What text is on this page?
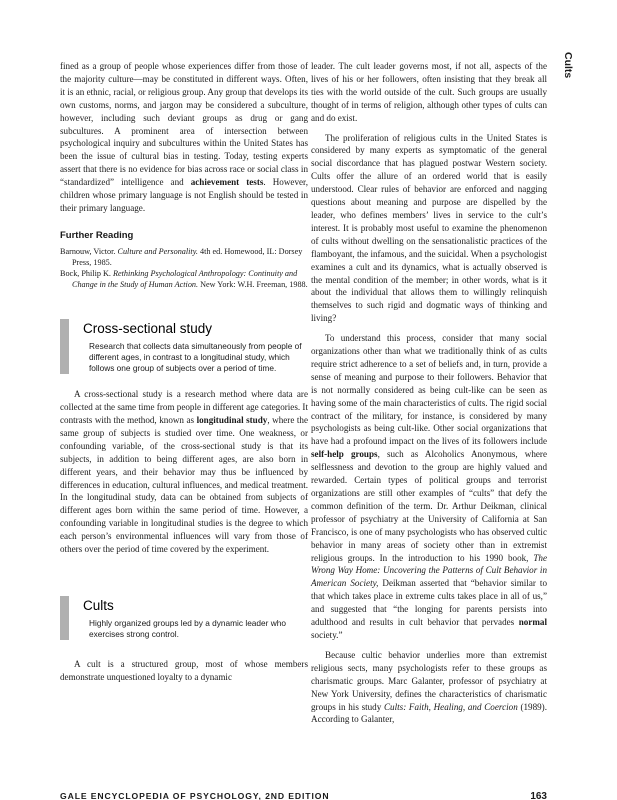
Cults

fined as a group of people whose experiences differ from those of the majority culture—may be constituted in different ways. Often, it is an ethnic, racial, or religious group. Any group that develops its own customs, norms, and jargon may be considered a subculture, however, including such deviant groups as drug or gang subcultures. A prominent area of intersection between psychological inquiry and subcultures within the United States has been the issue of cultural bias in testing. Today, testing experts assert that there is no evidence for bias across race or social class in “standardized” intelligence and achievement tests. However, children whose primary language is not English should be tested in their primary language.

Further Reading

Barnouw, Victor. Culture and Personality. 4th ed. Homewood, IL: Dorsey Press, 1985.

Bock, Philip K. Rethinking Psychological Anthropology: Continuity and Change in the Study of Human Action. New York: W.H. Freeman, 1988.

Cross-sectional study

Research that collects data simultaneously from people of different ages, in contrast to a longitudinal study, which follows one group of subjects over a period of time.

A cross-sectional study is a research method where data are collected at the same time from people in different age categories. It contrasts with the method, known as longitudinal study, where the same group of subjects is studied over time. One weakness, or confounding variable, of the cross-sectional study is that its subjects, in addition to being different ages, are also born in different years, and their behavior may thus be influenced by differences in education, cultural influences, and medical treatment. In the longitudinal study, data can be obtained from subjects of different ages born within the same period of time. However, a confounding variable in longitudinal studies is the degree to which each person’s environmental influences will vary from those of others over the period of time covered by the experiment.

Cults

Highly organized groups led by a dynamic leader who exercises strong control.

A cult is a structured group, most of whose members demonstrate unquestioned loyalty to a dynamic

leader. The cult leader governs most, if not all, aspects of the lives of his or her followers, often insisting that they break all ties with the world outside of the cult. Such groups are usually thought of in terms of religion, although other types of cults can and do exist.

The proliferation of religious cults in the United States is considered by many experts as symptomatic of the general social discordance that has plagued postwar Western society. Cults offer the allure of an ordered world that is easily understood. Clear rules of behavior are enforced and nagging questions about meaning and purpose are dispelled by the leader, who defines members’ lives in service to the cult’s interest. It is probably most useful to examine the phenomenon of cults without dwelling on the sensationalistic practices of the flamboyant, the infamous, and the suicidal. When a psychologist examines a cult and its dynamics, what is actually observed is the mental condition of the member; in other words, what is it about the individual that allows them to willingly relinquish themselves to such rigid and dogmatic ways of thinking and living?

To understand this process, consider that many social organizations other than what we traditionally think of as cults require strict adherence to a set of beliefs and, in turn, provide a sense of meaning and purpose to their followers. Behavior that is not normally considered as being cult-like can be seen as having some of the main characteristics of cults. The rigid social contract of the military, for instance, is considered by many psychologists as being cult-like. Other social organizations that have had a profound impact on the lives of its followers include self-help groups, such as Alcoholics Anonymous, where selflessness and devotion to the group are highly valued and rewarded. Certain types of political groups and terrorist organizations are still other examples of “cults” that defy the common definition of the term. Dr. Arthur Deikman, clinical professor of psychiatry at the University of California at San Francisco, is one of many psychologists who has observed cultic behavior in many areas of society other than in extremist religious groups. In the introduction to his 1990 book, The Wrong Way Home: Uncovering the Patterns of Cult Behavior in American Society, Deikman asserted that “behavior similar to that which takes place in extreme cults takes place in all of us,” and suggested that “the longing for parents persists into adulthood and results in cult behavior that pervades normal society.”

Because cultic behavior underlies more than extremist religious sects, many psychologists refer to these groups as charismatic groups. Marc Galanter, professor of psychiatry at New York University, defines the characteristics of charismatic groups in his study Cults: Faith, Healing, and Coercion (1989). According to Galanter,

GALE ENCYCLOPEDIA OF PSYCHOLOGY, 2ND EDITION	163
